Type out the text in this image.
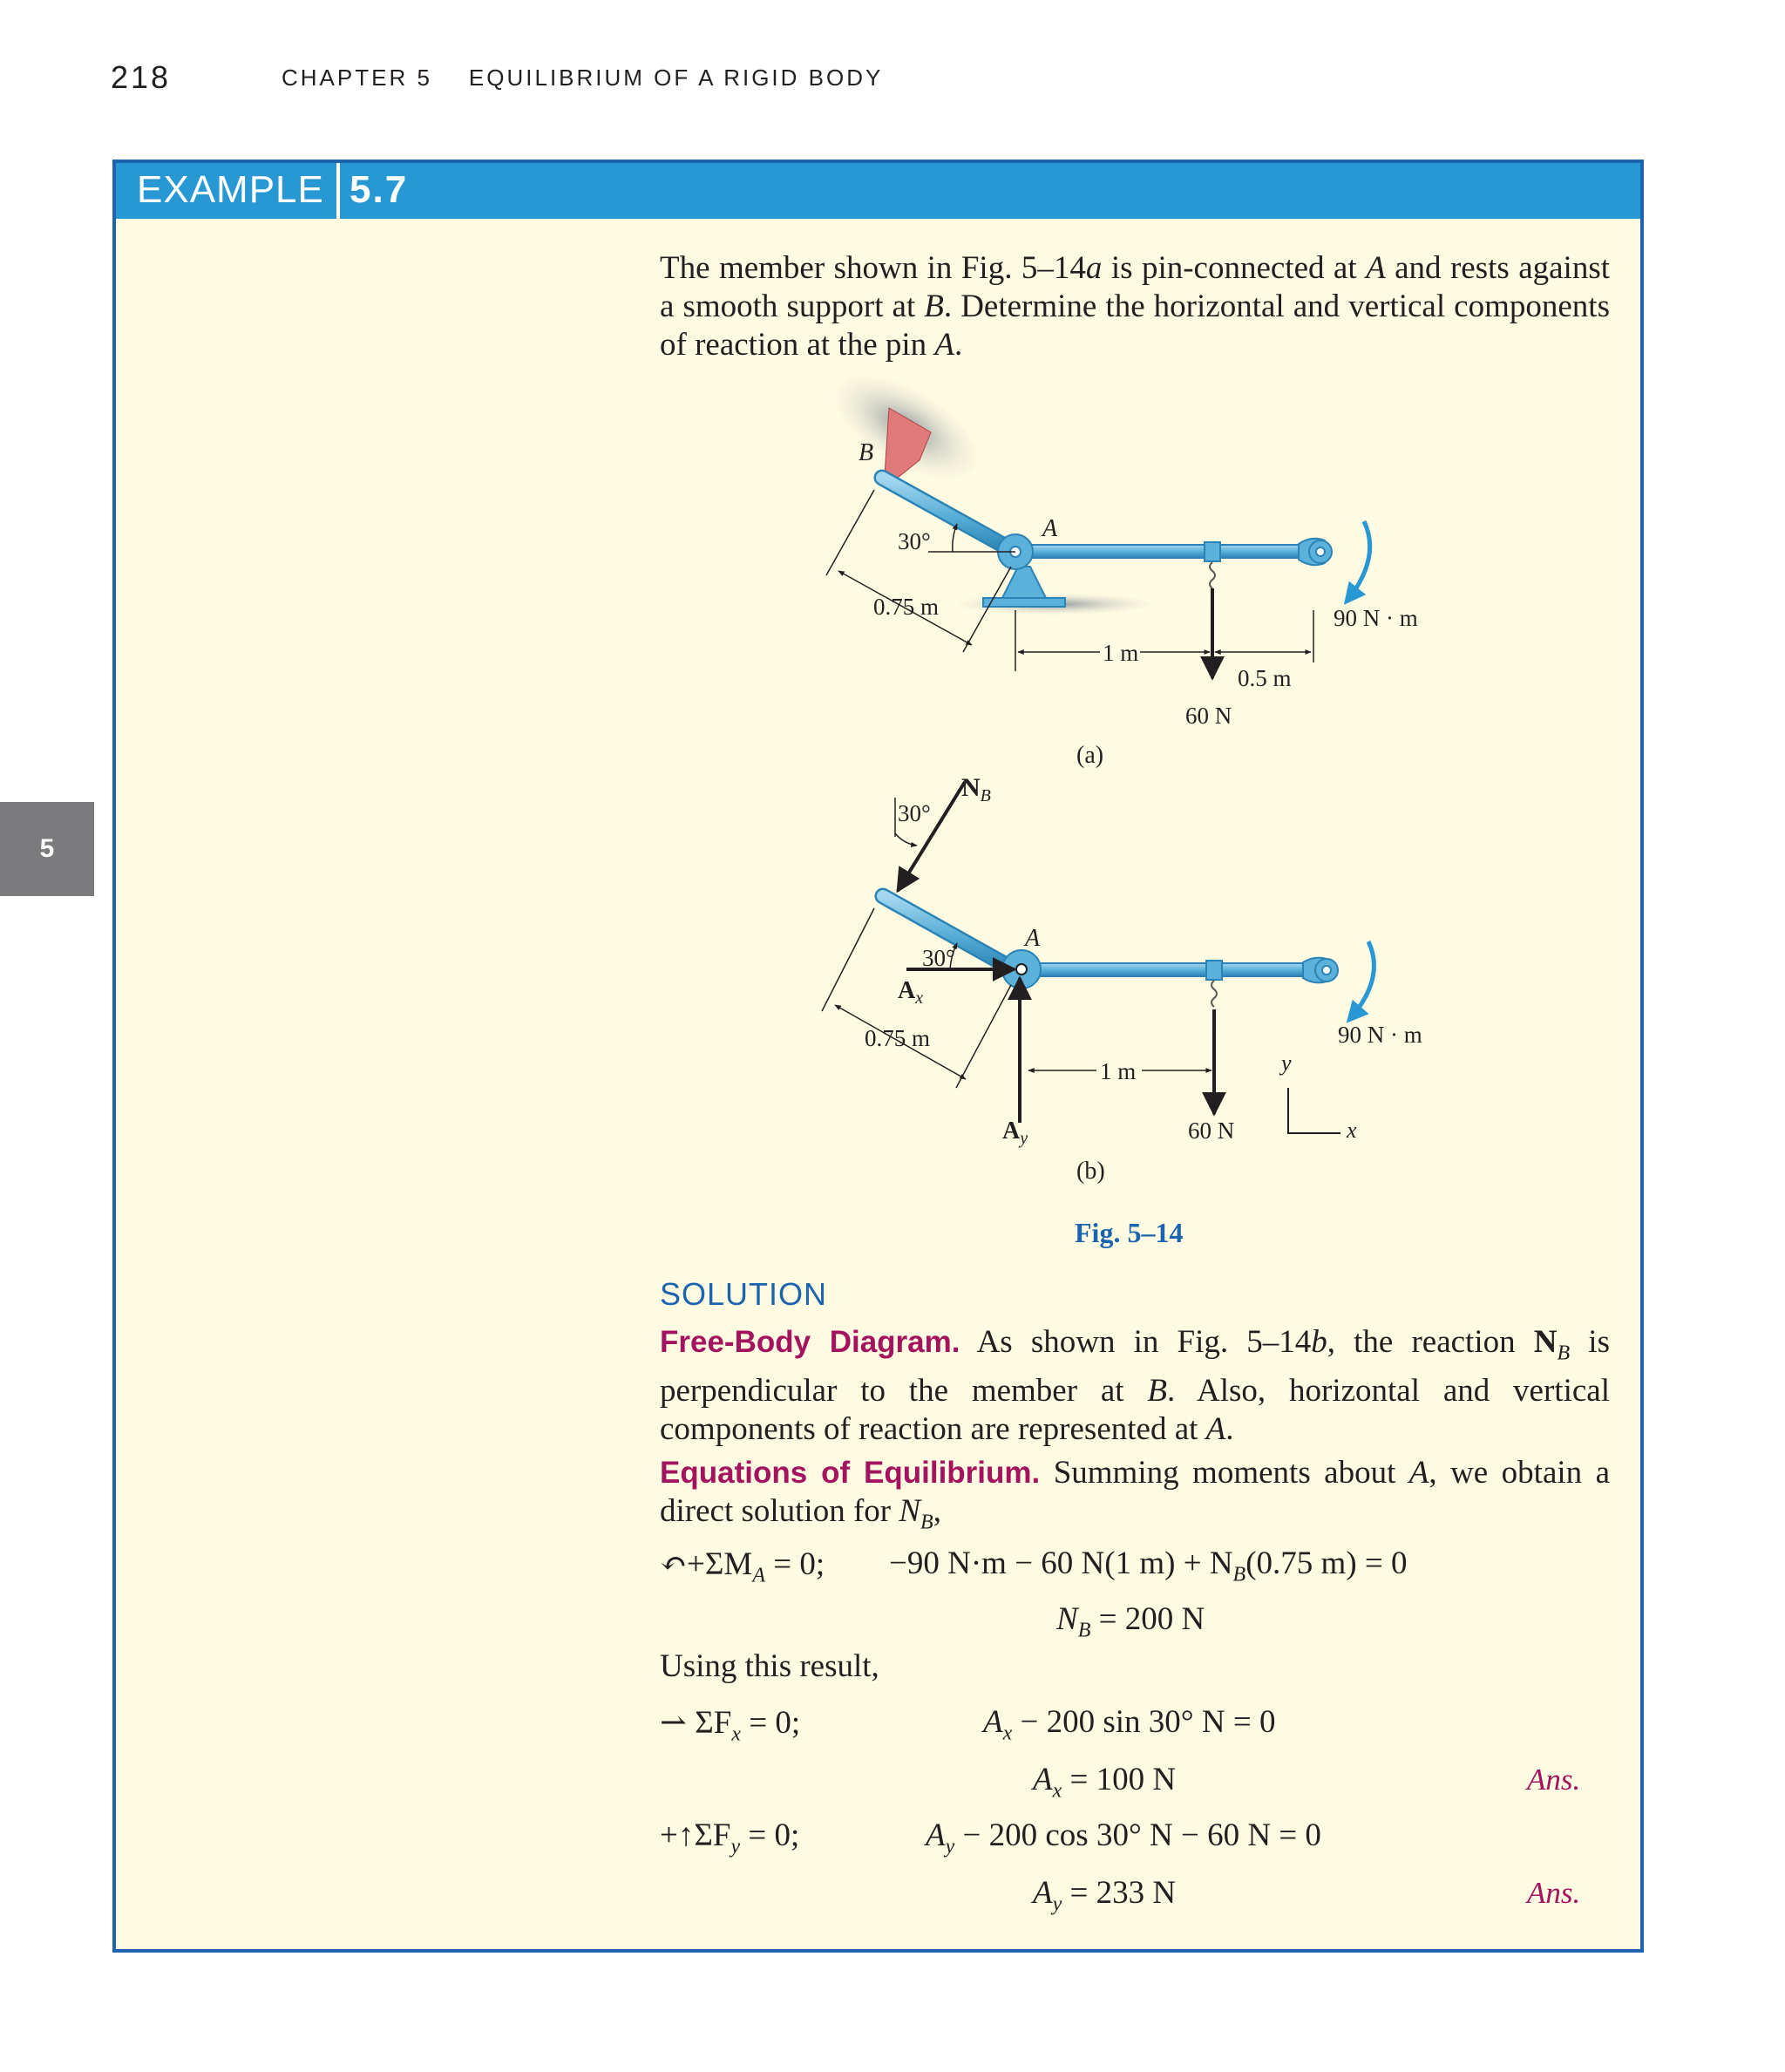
218	CHAPTER 5 EQUILIBRIUM OF A RIGID BODY
5
EXAMPLE 5.7
The member shown in Fig. 5–14a is pin-connected at A and rests against a smooth support at B. Determine the horizontal and vertical components of reaction at the pin A.
B
A
30°
0.75 m
1 m
0.5 m
60 N
90 N · m
(a)
$N_B$
30°
30°
A
$A_x$
$A_y$
0.75 m
1 m
60 N
90 N · m
y
x
(b)
Fig. 5–14
SOLUTION
Free-Body Diagram. As shown in Fig. 5–14b, the reaction $N_B$ is perpendicular to the member at B. Also, horizontal and vertical components of reaction are represented at A.
Equations of Equilibrium. Summing moments about A, we obtain a direct solution for $N_B$,
$↶+\Sigma M_A = 0$; −90 N·m − 60 N(1 $m) + N_B(0.75$ m) = 0
$N_B = 200$ N
Using this result,
⇀ $\Sigma F_x = 0$;	$A_x - 200$ sin 30° N = 0
$A_x = 100$ N	Ans.
$+↑\Sigma F_y = 0$;	$A_y - 200$ cos 30° N − 60 N = 0
$A_y = 233$ N	Ans.
